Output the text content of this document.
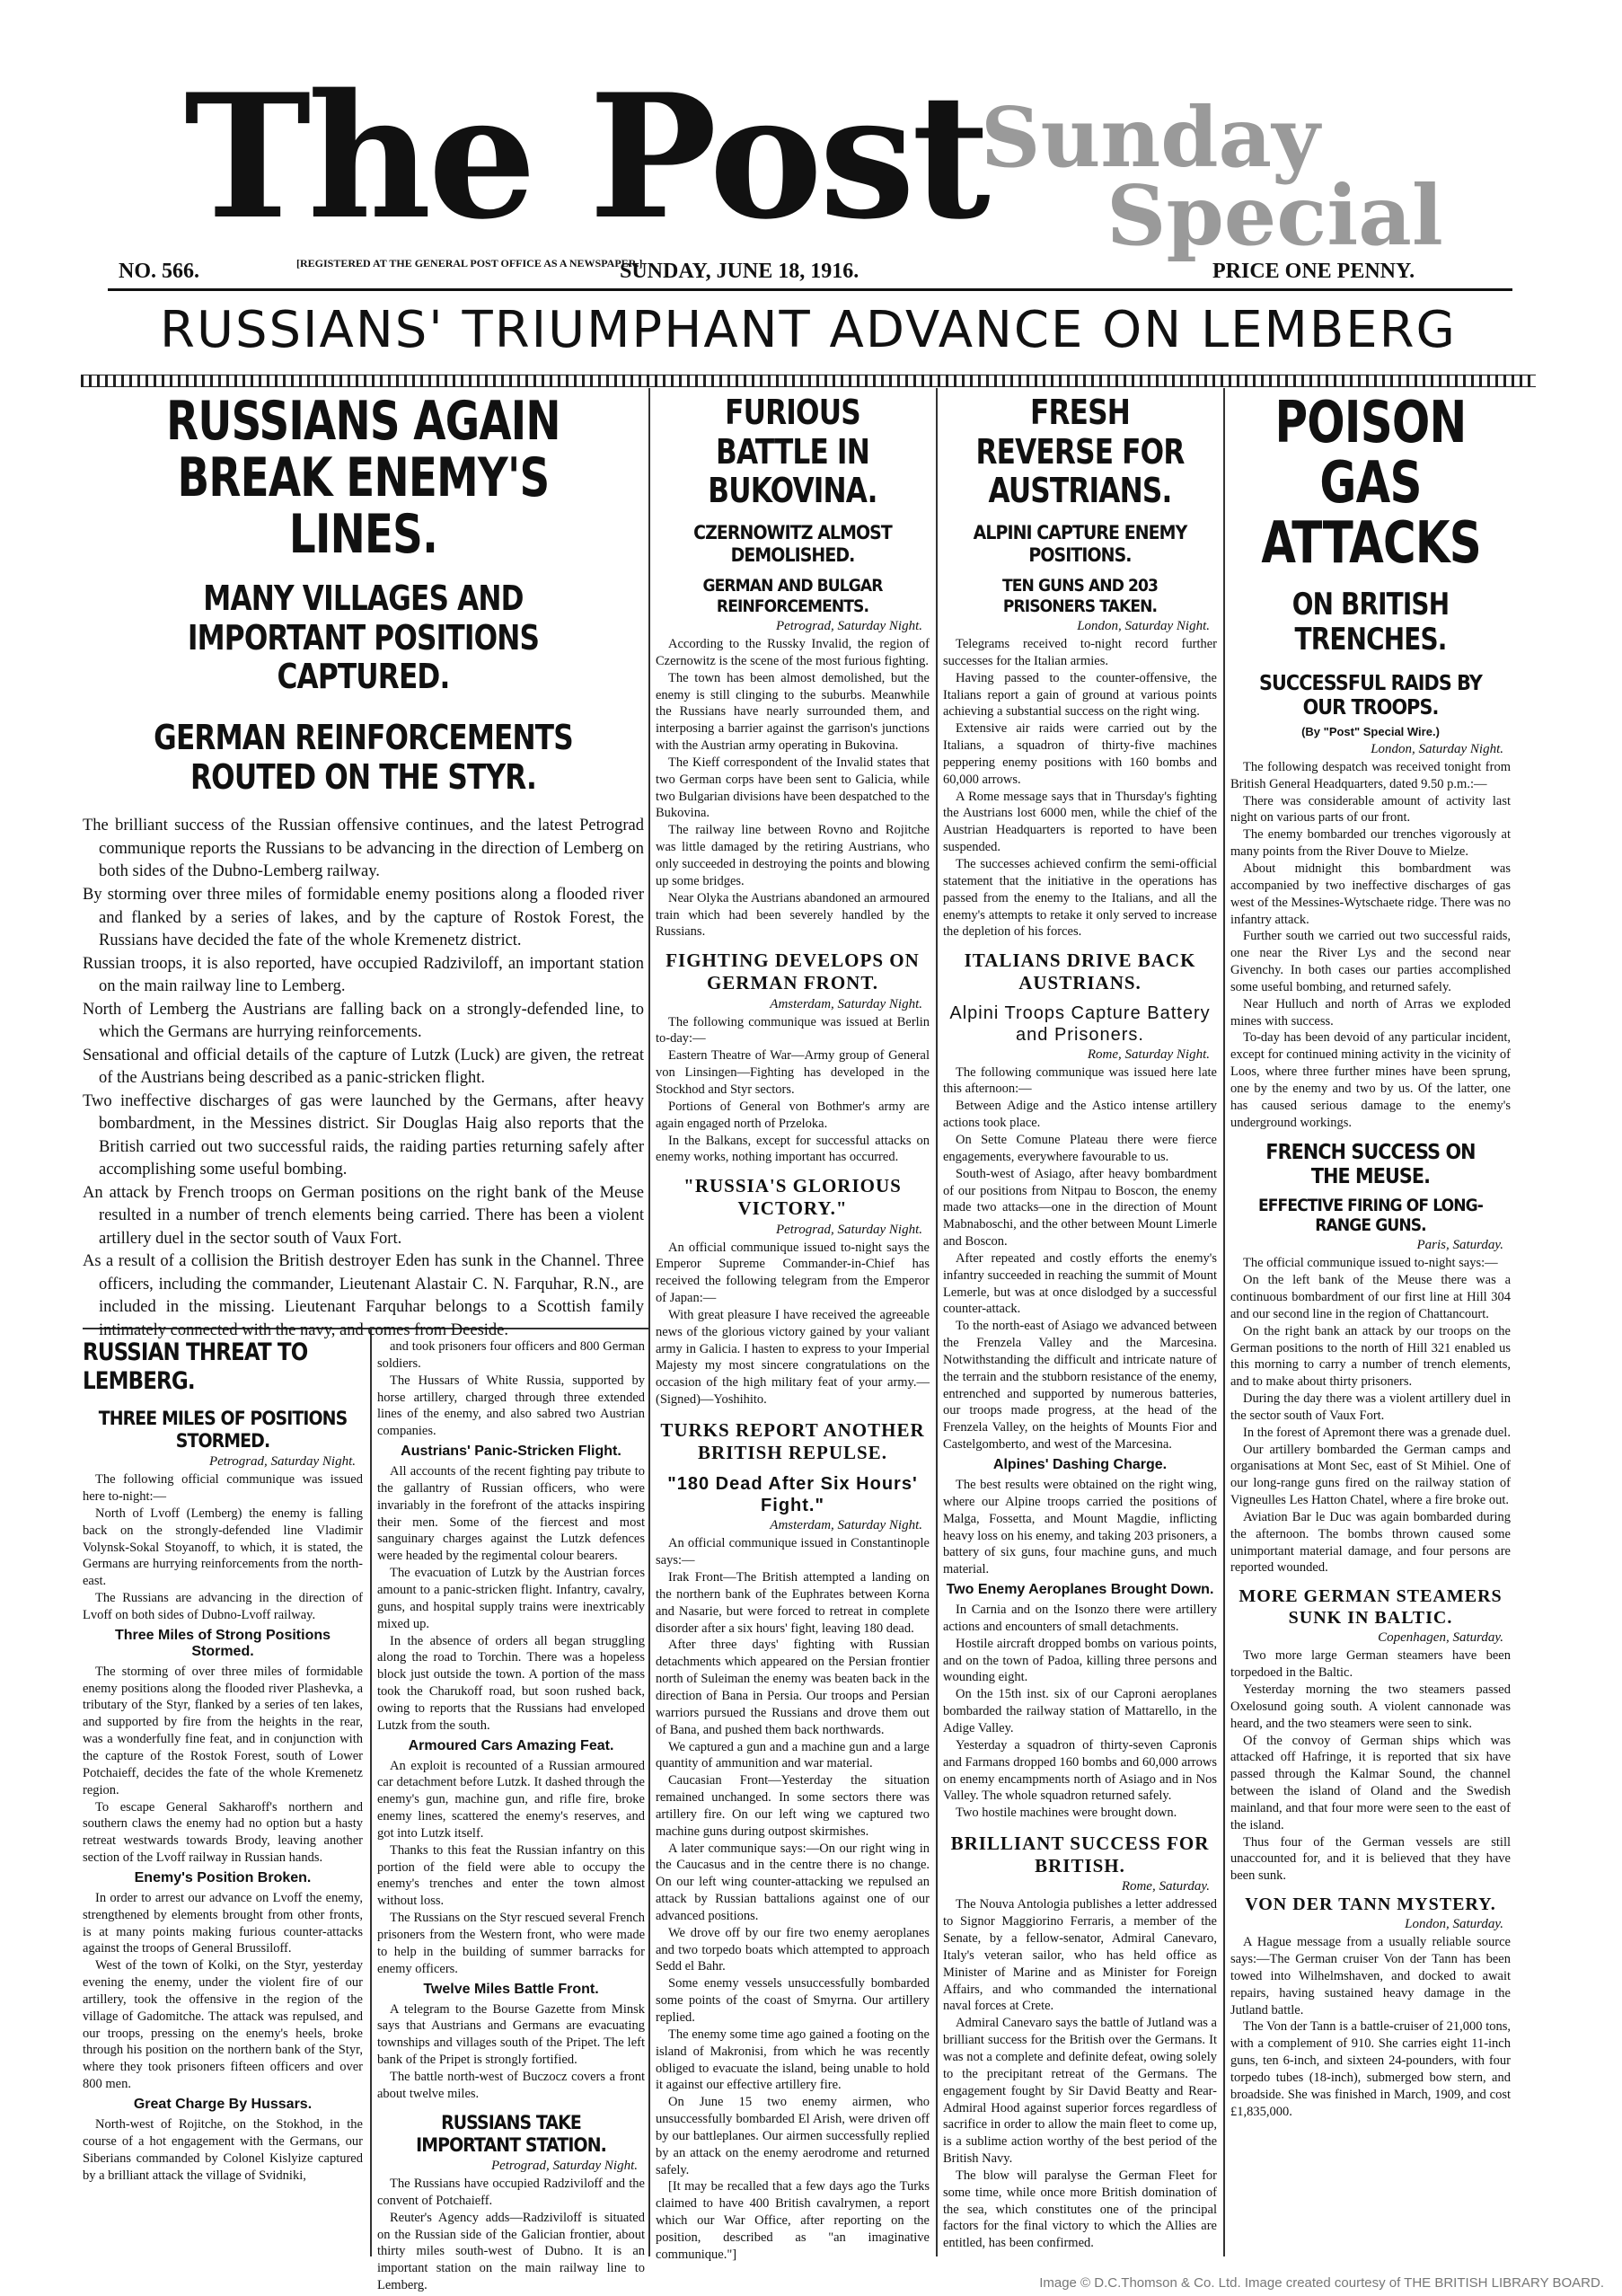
The Post
Sunday
Special
NO. 566.	[REGISTERED AT THE GENERAL POST OFFICE AS A NEWSPAPER.]
SUNDAY, JUNE 18, 1916.	PRICE ONE PENNY.
RUSSIANS' TRIUMPHANT ADVANCE ON LEMBERG
RUSSIANS AGAIN BREAK ENEMY'S LINES.
MANY VILLAGES AND IMPORTANT POSITIONS CAPTURED.
GERMAN REINFORCEMENTS ROUTED ON THE STYR.

The brilliant success of the Russian offensive continues, and the latest Petrograd communique reports the Russians to be advancing in the direction of Lemberg on both sides of the Dubno-Lemberg railway.

By storming over three miles of formidable enemy positions along a flooded river and flanked by a series of lakes, and by the capture of Rostok Forest, the Russians have decided the fate of the whole Kremenetz district.

Russian troops, it is also reported, have occupied Radziviloff, an important station on the main railway line to Lemberg.

North of Lemberg the Austrians are falling back on a strongly-defended line, to which the Germans are hurrying reinforcements.

Sensational and official details of the capture of Lutzk (Luck) are given, the retreat of the Austrians being described as a panic-stricken flight.

Two ineffective discharges of gas were launched by the Germans, after heavy bombardment, in the Messines district. Sir Douglas Haig also reports that the British carried out two successful raids, the raiding parties returning safely after accomplishing some useful bombing.

An attack by French troops on German positions on the right bank of the Meuse resulted in a number of trench elements being carried. There has been a violent artillery duel in the sector south of Vaux Fort.

As a result of a collision the British destroyer Eden has sunk in the Channel. Three officers, including the commander, Lieutenant Alastair C. N. Farquhar, R.N., are included in the missing. Lieutenant Farquhar belongs to a Scottish family intimately connected with the navy, and comes from Deeside.

RUSSIAN THREAT TO LEMBERG.
THREE MILES OF POSITIONS STORMED.
Petrograd, Saturday Night.

The following official communique was issued here to-night:—

North of Lvoff (Lemberg) the enemy is falling back on the strongly-defended line Vladimir Volynsk-Sokal Stoyanoff, to which, it is stated, the Germans are hurrying reinforcements from the north-east.

The Russians are advancing in the direction of Lvoff on both sides of Dubno-Lvoff railway.

Three Miles of Strong Positions Stormed.

The storming of over three miles of formidable enemy positions along the flooded river Plashevka, a tributary of the Styr, flanked by a series of ten lakes, and supported by fire from the heights in the rear, was a wonderfully fine feat, and in conjunction with the capture of the Rostok Forest, south of Lower Potchaieff, decides the fate of the whole Kremenetz region.

To escape General Sakharoff's northern and southern claws the enemy had no option but a hasty retreat westwards towards Brody, leaving another section of the Lvoff railway in Russian hands.

Enemy's Position Broken.

In order to arrest our advance on Lvoff the enemy, strengthened by elements brought from other fronts, is at many points making furious counter-attacks against the troops of General Brussiloff.

West of the town of Kolki, on the Styr, yesterday evening the enemy, under the violent fire of our artillery, took the offensive in the region of the village of Gadomitche. The attack was repulsed, and our troops, pressing on the enemy's heels, broke through his position on the northern bank of the Styr, where they took prisoners fifteen officers and over 800 men.

Great Charge By Hussars.

North-west of Rojitche, on the Stokhod, in the course of a hot engagement with the Germans, our Siberians commanded by Colonel Kislyize captured by a brilliant attack the village of Svidniki,

and took prisoners four officers and 800 German soldiers.

The Hussars of White Russia, supported by horse artillery, charged through three extended lines of the enemy, and also sabred two Austrian companies.

Austrians' Panic-Stricken Flight.

All accounts of the recent fighting pay tribute to the gallantry of Russian officers, who were invariably in the forefront of the attacks inspiring their men. Some of the fiercest and most sanguinary charges against the Lutzk defences were headed by the regimental colour bearers.

The evacuation of Lutzk by the Austrian forces amount to a panic-stricken flight. Infantry, cavalry, guns, and hospital supply trains were inextricably mixed up.

In the absence of orders all began struggling along the road to Torchin. There was a hopeless block just outside the town. A portion of the mass took the Charukoff road, but soon rushed back, owing to reports that the Russians had enveloped Lutzk from the south.

Armoured Cars Amazing Feat.

An exploit is recounted of a Russian armoured car detachment before Lutzk. It dashed through the enemy's gun, machine gun, and rifle fire, broke enemy lines, scattered the enemy's reserves, and got into Lutzk itself.

Thanks to this feat the Russian infantry on this portion of the field were able to occupy the enemy's trenches and enter the town almost without loss.

The Russians on the Styr rescued several French prisoners from the Western front, who were made to help in the building of summer barracks for enemy officers.

Twelve Miles Battle Front.

A telegram to the Bourse Gazette from Minsk says that Austrians and Germans are evacuating townships and villages south of the Pripet. The left bank of the Pripet is strongly fortified.

The battle north-west of Buczocz covers a front about twelve miles.

RUSSIANS TAKE IMPORTANT STATION.
Petrograd, Saturday Night.

The Russians have occupied Radziviloff and the convent of Potchaieff.

Reuter's Agency adds—Radziviloff is situated on the Russian side of the Galician frontier, about thirty miles south-west of Dubno. It is an important station on the main railway line to Lemberg.

FURIOUS BATTLE IN BUKOVINA.
CZERNOWITZ ALMOST DEMOLISHED.
GERMAN AND BULGAR REINFORCEMENTS.
Petrograd, Saturday Night.

According to the Russky Invalid, the region of Czernowitz is the scene of the most furious fighting.

The town has been almost demolished, but the enemy is still clinging to the suburbs. Meanwhile the Russians have nearly surrounded them, and interposing a barrier against the garrison's junctions with the Austrian army operating in Bukovina.

The Kieff correspondent of the Invalid states that two German corps have been sent to Galicia, while two Bulgarian divisions have been despatched to the Bukovina.

The railway line between Rovno and Rojitche was little damaged by the retiring Austrians, who only succeeded in destroying the points and blowing up some bridges.

Near Olyka the Austrians abandoned an armoured train which had been severely handled by the Russians.

FIGHTING DEVELOPS ON GERMAN FRONT.
Amsterdam, Saturday Night.

The following communique was issued at Berlin to-day:—

Eastern Theatre of War—Army group of General von Linsingen—Fighting has developed in the Stockhod and Styr sectors.

Portions of General von Bothmer's army are again engaged north of Przeloka.

In the Balkans, except for successful attacks on enemy works, nothing important has occurred.

"RUSSIA'S GLORIOUS VICTORY."
Petrograd, Saturday Night.

An official communique issued to-night says the Emperor Supreme Commander-in-Chief has received the following telegram from the Emperor of Japan:—

With great pleasure I have received the agreeable news of the glorious victory gained by your valiant army in Galicia. I hasten to express to your Imperial Majesty my most sincere congratulations on the occasion of the high military feat of your army.—(Signed)—Yoshihito.

TURKS REPORT ANOTHER BRITISH REPULSE.
"180 Dead After Six Hours' Fight."
Amsterdam, Saturday Night.

An official communique issued in Constantinople says:—

Irak Front—The British attempted a landing on the northern bank of the Euphrates between Korna and Nasarie, but were forced to retreat in complete disorder after a six hours' fight, leaving 180 dead.

After three days' fighting with Russian detachments which appeared on the Persian frontier north of Suleiman the enemy was beaten back in the direction of Bana in Persia. Our troops and Persian warriors pursued the Russians and drove them out of Bana, and pushed them back northwards.

We captured a gun and a machine gun and a large quantity of ammunition and war material.

Caucasian Front—Yesterday the situation remained unchanged. In some sectors there was artillery fire. On our left wing we captured two machine guns during outpost skirmishes.

A later communique says:—On our right wing in the Caucasus and in the centre there is no change. On our left wing counter-attacking we repulsed an attack by Russian battalions against one of our advanced positions.

We drove off by our fire two enemy aeroplanes and two torpedo boats which attempted to approach Sedd el Bahr.

Some enemy vessels unsuccessfully bombarded some points of the coast of Smyrna. Our artillery replied.

The enemy some time ago gained a footing on the island of Makronisi, from which he was recently obliged to evacuate the island, being unable to hold it against our effective artillery fire.

On June 15 two enemy airmen, who unsuccessfully bombarded El Arish, were driven off by our battleplanes. Our airmen successfully replied by an attack on the enemy aerodrome and returned safely.

[It may be recalled that a few days ago the Turks claimed to have 400 British cavalrymen, a report which our War Office, after reporting on the position, described as "an imaginative communique."]

FRESH REVERSE FOR AUSTRIANS.
ALPINI CAPTURE ENEMY POSITIONS.
TEN GUNS AND 203 PRISONERS TAKEN.
London, Saturday Night.

Telegrams received to-night record further successes for the Italian armies.

Having passed to the counter-offensive, the Italians report a gain of ground at various points achieving a substantial success on the right wing.

Extensive air raids were carried out by the Italians, a squadron of thirty-five machines peppering enemy positions with 160 bombs and 60,000 arrows.

A Rome message says that in Thursday's fighting the Austrians lost 6000 men, while the chief of the Austrian Headquarters is reported to have been suspended.

The successes achieved confirm the semi-official statement that the initiative in the operations has passed from the enemy to the Italians, and all the enemy's attempts to retake it only served to increase the depletion of his forces.

ITALIANS DRIVE BACK AUSTRIANS.
Alpini Troops Capture Battery and Prisoners.
Rome, Saturday Night.

The following communique was issued here late this afternoon:—

Between Adige and the Astico intense artillery actions took place.

On Sette Comune Plateau there were fierce engagements, everywhere favourable to us.

South-west of Asiago, after heavy bombardment of our positions from Nitpau to Boscon, the enemy made two attacks—one in the direction of Mount Mabnaboschi, and the other between Mount Limerle and Boscon.

After repeated and costly efforts the enemy's infantry succeeded in reaching the summit of Mount Lemerle, but was at once dislodged by a successful counter-attack.

To the north-east of Asiago we advanced between the Frenzela Valley and the Marcesina. Notwithstanding the difficult and intricate nature of the terrain and the stubborn resistance of the enemy, entrenched and supported by numerous batteries, our troops made progress, at the head of the Frenzela Valley, on the heights of Mounts Fior and Castelgomberto, and west of the Marcesina.

Alpines' Dashing Charge.

The best results were obtained on the right wing, where our Alpine troops carried the positions of Malga, Fossetta, and Mount Magdie, inflicting heavy loss on his enemy, and taking 203 prisoners, a battery of six guns, four machine guns, and much material.

Two Enemy Aeroplanes Brought Down.

In Carnia and on the Isonzo there were artillery actions and encounters of small detachments.

Hostile aircraft dropped bombs on various points, and on the town of Padoa, killing three persons and wounding eight.

On the 15th inst. six of our Caproni aeroplanes bombarded the railway station of Mattarello, in the Adige Valley.

Yesterday a squadron of thirty-seven Capronis and Farmans dropped 160 bombs and 60,000 arrows on enemy encampments north of Asiago and in Nos Valley. The whole squadron returned safely.

Two hostile machines were brought down.

BRILLIANT SUCCESS FOR BRITISH.
Rome, Saturday.

The Nouva Antologia publishes a letter addressed to Signor Maggiorino Ferraris, a member of the Senate, by a fellow-senator, Admiral Canevaro, Italy's veteran sailor, who has held office as Minister of Marine and as Minister for Foreign Affairs, and who commanded the international naval forces at Crete.

Admiral Canevaro says the battle of Jutland was a brilliant success for the British over the Germans. It was not a complete and definite defeat, owing solely to the precipitant retreat of the Germans. The engagement fought by Sir David Beatty and Rear-Admiral Hood against superior forces regardless of sacrifice in order to allow the main fleet to come up, is a sublime action worthy of the best period of the British Navy.

The blow will paralyse the German Fleet for some time, while once more British domination of the sea, which constitutes one of the principal factors for the final victory to which the Allies are entitled, has been confirmed.

POISON GAS ATTACKS
ON BRITISH TRENCHES.
SUCCESSFUL RAIDS BY OUR TROOPS.
(By "Post" Special Wire.)
London, Saturday Night.

The following despatch was received tonight from British General Headquarters, dated 9.50 p.m.:—

There was considerable amount of activity last night on various parts of our front.

The enemy bombarded our trenches vigorously at many points from the River Douve to Mielze.

About midnight this bombardment was accompanied by two ineffective discharges of gas west of the Messines-Wytschaete ridge. There was no infantry attack.

Further south we carried out two successful raids, one near the River Lys and the second near Givenchy. In both cases our parties accomplished some useful bombing, and returned safely.

Near Hulluch and north of Arras we exploded mines with success.

To-day has been devoid of any particular incident, except for continued mining activity in the vicinity of Loos, where three further mines have been sprung, one by the enemy and two by us. Of the latter, one has caused serious damage to the enemy's underground workings.

FRENCH SUCCESS ON THE MEUSE.
EFFECTIVE FIRING OF LONG-RANGE GUNS.
Paris, Saturday.

The official communique issued to-night says:—

On the left bank of the Meuse there was a continuous bombardment of our first line at Hill 304 and our second line in the region of Chattancourt.

On the right bank an attack by our troops on the German positions to the north of Hill 321 enabled us this morning to carry a number of trench elements, and to make about thirty prisoners.

During the day there was a violent artillery duel in the sector south of Vaux Fort.

In the forest of Apremont there was a grenade duel.

Our artillery bombarded the German camps and organisations at Mont Sec, east of St Mihiel. One of our long-range guns fired on the railway station of Vigneulles Les Hatton Chatel, where a fire broke out.

Aviation Bar le Duc was again bombarded during the afternoon. The bombs thrown caused some unimportant material damage, and four persons are reported wounded.

MORE GERMAN STEAMERS SUNK IN BALTIC.
Copenhagen, Saturday.

Two more large German steamers have been torpedoed in the Baltic.

Yesterday morning the two steamers passed Oxelosund going south. A violent cannonade was heard, and the two steamers were seen to sink.

Of the convoy of German ships which was attacked off Hafringe, it is reported that six have passed through the Kalmar Sound, the channel between the island of Oland and the Swedish mainland, and that four more were seen to the east of the island.

Thus four of the German vessels are still unaccounted for, and it is believed that they have been sunk.

VON DER TANN MYSTERY.
London, Saturday.

A Hague message from a usually reliable source says:—The German cruiser Von der Tann has been towed into Wilhelmshaven, and docked to await repairs, having sustained heavy damage in the Jutland battle.

The Von der Tann is a battle-cruiser of 21,000 tons, with a complement of 910. She carries eight 11-inch guns, ten 6-inch, and sixteen 24-pounders, with four torpedo tubes (18-inch), submerged bow stern, and broadside. She was finished in March, 1909, and cost £1,835,000.

Image © D.C.Thomson & Co. Ltd. Image created courtesy of THE BRITISH LIBRARY BOARD.
